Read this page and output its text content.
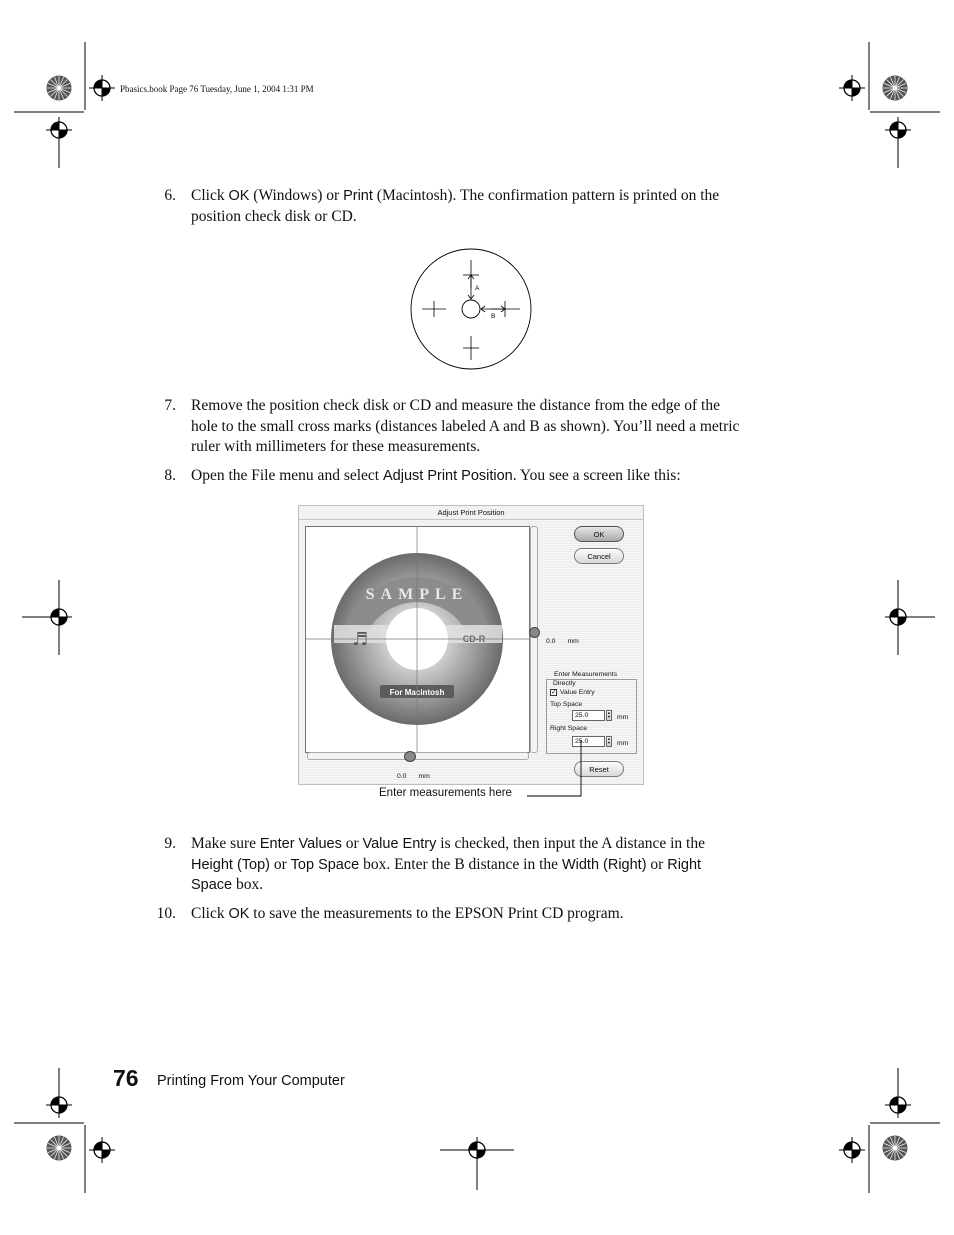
Pbasics.book Page 76 Tuesday, June 1, 2004 1:31 PM
6. Click OK (Windows) or Print (Macintosh). The confirmation pattern is printed on the
position check disk or CD.
A
B
7. Remove the position check disk or CD and measure the distance from the edge of the
hole to the small cross marks (distances labeled A and B as shown). You’ll need a metric
ruler with millimeters for these measurements.
8. Open the File menu and select Adjust Print Position. You see a screen like this:
Adjust Print Position
For Macintosh
SAMPLE
CD-R
♬	0.0 mm
0.0 mm
OK
Cancel
Reset
Enter Measurements
Directly
✓ Value Entry
Top Space
25.0	▲
▼ mm
Right Space
25.0	▲
▼ mm
Enter measurements here
9. Make sure Enter Values or Value Entry is checked, then input the A distance in the
Height (Top) or Top Space box. Enter the B distance in the Width (Right) or Right
Space box.
10. Click OK to save the measurements to the EPSON Print CD program.
76 Printing From Your Computer
